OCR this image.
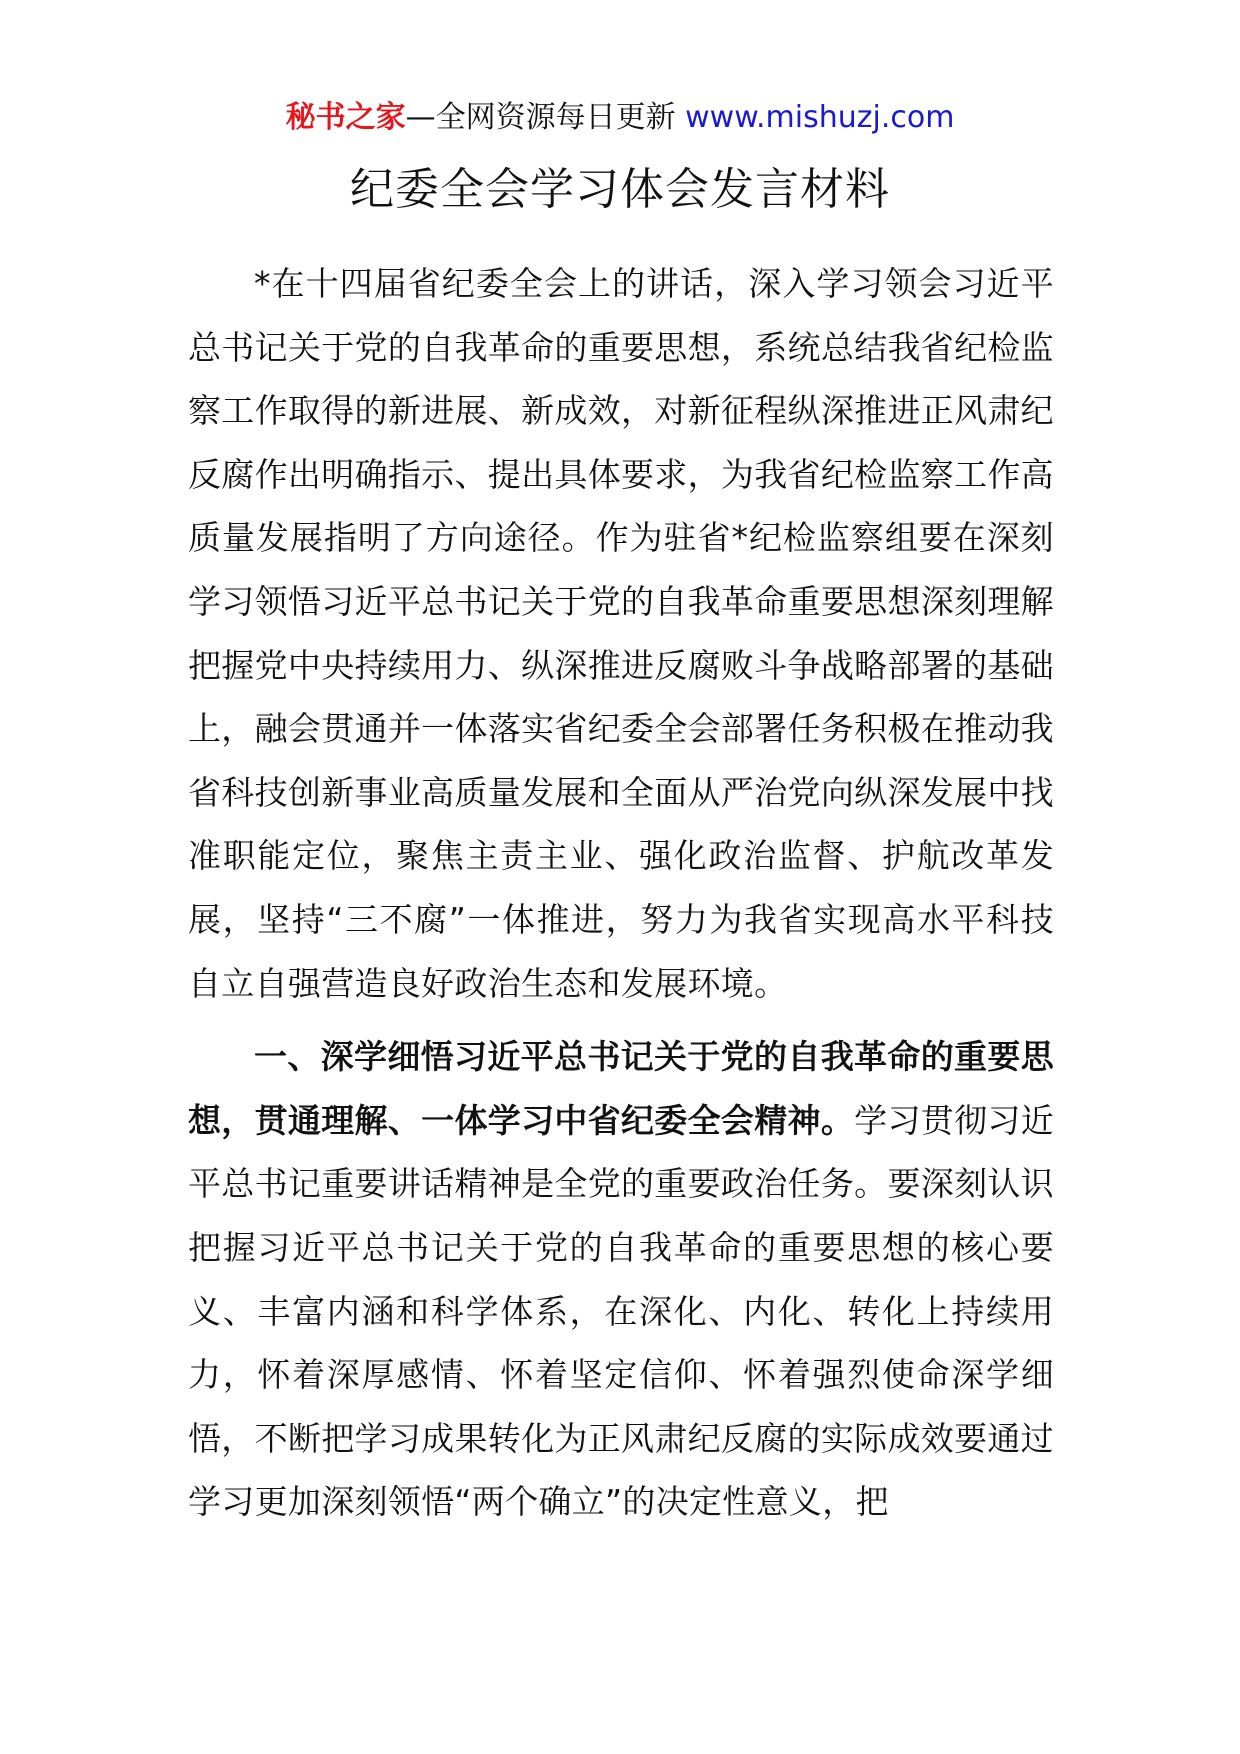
秘书之家—全网资源每日更新 www.mishuzj.com
纪委全会学习体会发言材料

*在十四届省纪委全会上的讲话，深入学习领会习近平总书记关于党的自我革命的重要思想，系统总结我省纪检监察工作取得的新进展、新成效，对新征程纵深推进正风肃纪反腐作出明确指示、提出具体要求，为我省纪检监察工作高质量发展指明了方向途径。作为驻省*纪检监察组要在深刻学习领悟习近平总书记关于党的自我革命重要思想深刻理解把握党中央持续用力、纵深推进反腐败斗争战略部署的基础上，融会贯通并一体落实省纪委全会部署任务积极在推动我省科技创新事业高质量发展和全面从严治党向纵深发展中找准职能定位，聚焦主责主业、强化政治监督、护航改革发展，坚持“三不腐”一体推进，努力为我省实现高水平科技自立自强营造良好政治生态和发展环境。

一、深学细悟习近平总书记关于党的自我革命的重要思想，贯通理解、一体学习中省纪委全会精神。学习贯彻习近平总书记重要讲话精神是全党的重要政治任务。要深刻认识把握习近平总书记关于党的自我革命的重要思想的核心要义、丰富内涵和科学体系，在深化、内化、转化上持续用力，怀着深厚感情、怀着坚定信仰、怀着强烈使命深学细悟，不断把学习成果转化为正风肃纪反腐的实际成效要通过学习更加深刻领悟“两个确立”的决定性意义，把
